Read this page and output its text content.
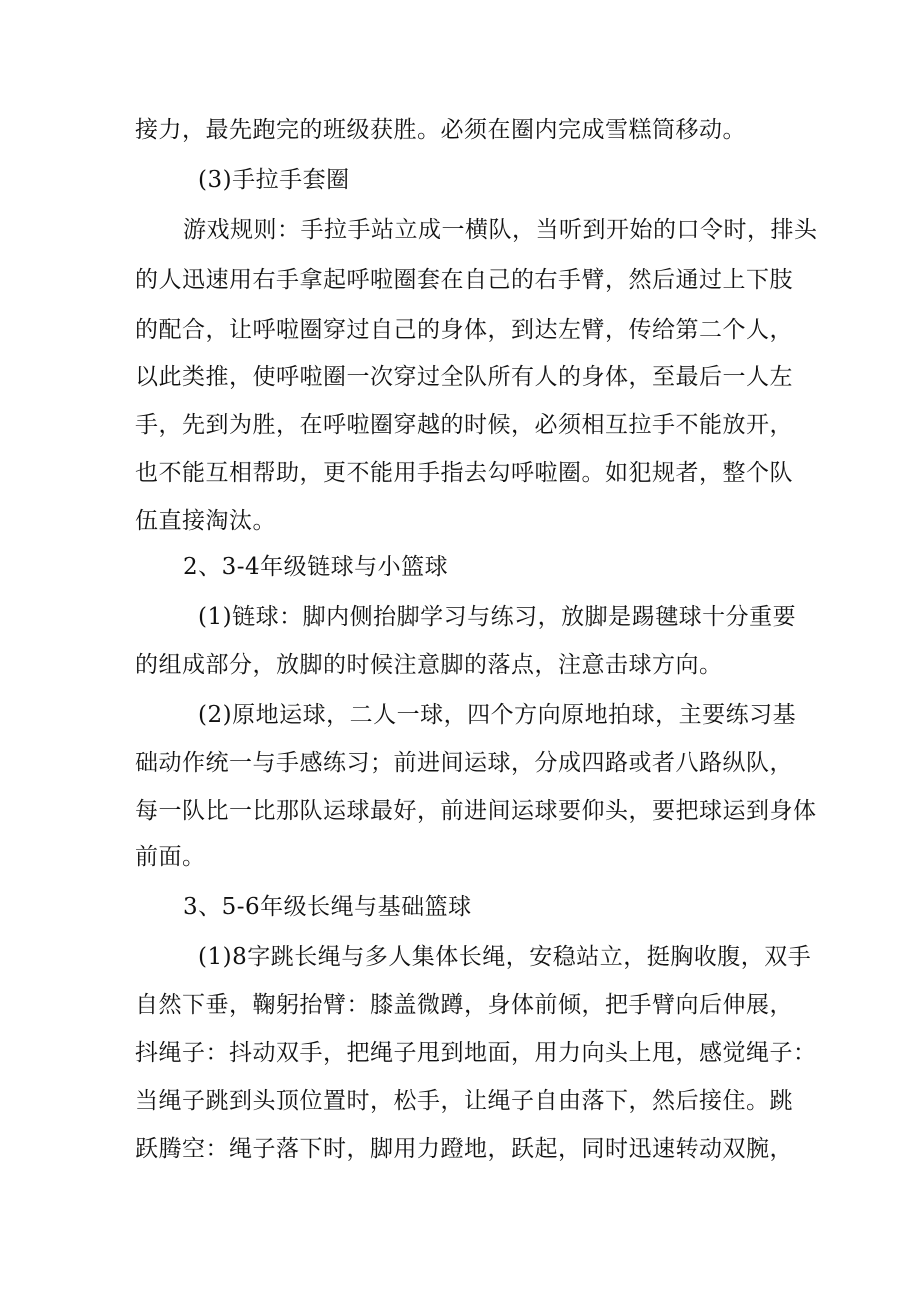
接力，最先跑完的班级获胜。必须在圈内完成雪糕筒移动。
(3)手拉手套圈
游戏规则：手拉手站立成一横队，当听到开始的口令时，排头
的人迅速用右手拿起呼啦圈套在自己的右手臂，然后通过上下肢
的配合，让呼啦圈穿过自己的身体，到达左臂，传给第二个人，
以此类推，使呼啦圈一次穿过全队所有人的身体，至最后一人左
手，先到为胜，在呼啦圈穿越的时候，必须相互拉手不能放开，
也不能互相帮助，更不能用手指去勾呼啦圈。如犯规者，整个队
伍直接淘汰。
2、3-4年级链球与小篮球
(1)链球：脚内侧抬脚学习与练习，放脚是踢毽球十分重要
的组成部分，放脚的时候注意脚的落点，注意击球方向。
(2)原地运球，二人一球，四个方向原地拍球，主要练习基
础动作统一与手感练习；前进间运球，分成四路或者八路纵队，
每一队比一比那队运球最好，前进间运球要仰头，要把球运到身体
前面。
3、5-6年级长绳与基础篮球
(1)8字跳长绳与多人集体长绳，安稳站立，挺胸收腹，双手
自然下垂，鞠躬抬臂：膝盖微蹲，身体前倾，把手臂向后伸展，
抖绳子：抖动双手，把绳子甩到地面，用力向头上甩，感觉绳子：
当绳子跳到头顶位置时，松手，让绳子自由落下，然后接住。跳
跃腾空：绳子落下时，脚用力蹬地，跃起，同时迅速转动双腕，
